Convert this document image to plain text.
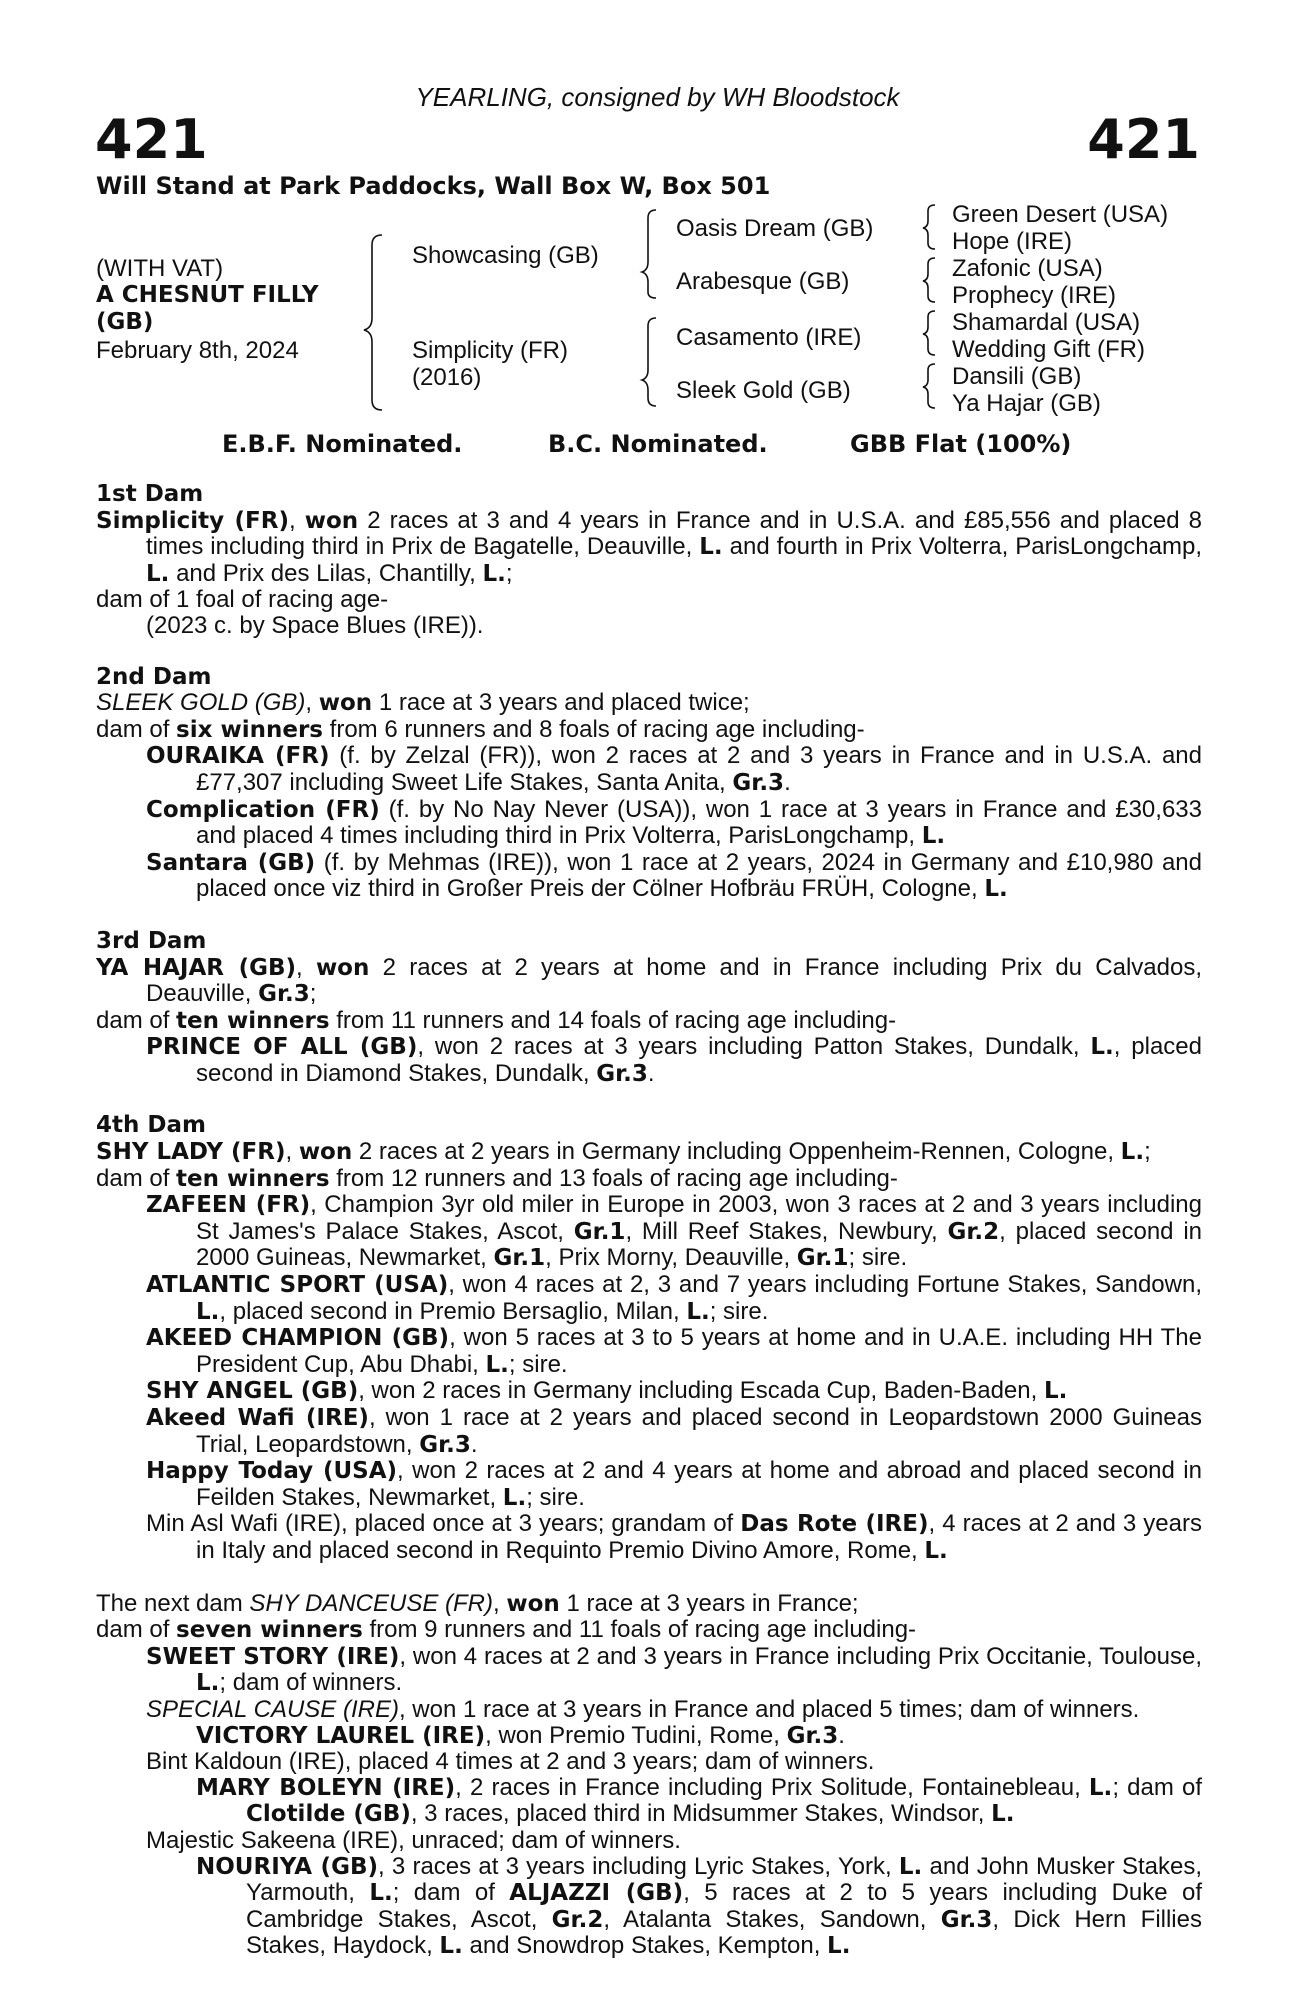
YEARLING, consigned by WH Bloodstock
421	421
Will Stand at Park Paddocks, Wall Box W, Box 501
(WITH VAT)
A CHESNUT FILLY
(GB)
February 8th, 2024
Showcasing (GB)
Simplicity (FR)
(2016)
Oasis Dream (GB)
Arabesque (GB)
Casamento (IRE)
Sleek Gold (GB)
Green Desert (USA)
Hope (IRE)
Zafonic (USA)
Prophecy (IRE)
Shamardal (USA)
Wedding Gift (FR)
Dansili (GB)
Ya Hajar (GB)
E.B.F. Nominated.	B.C. Nominated.	GBB Flat (100%)
1st Dam
Simplicity (FR), won 2 races at 3 and 4 years in France and in U.S.A. and £85,556 and placed 8 times including third in Prix de Bagatelle, Deauville, L. and fourth in Prix Volterra, ParisLongchamp, L. and Prix des Lilas, Chantilly, L.;
dam of 1 foal of racing age-
(2023 c. by Space Blues (IRE)).
2nd Dam
SLEEK GOLD (GB), won 1 race at 3 years and placed twice;
dam of six winners from 6 runners and 8 foals of racing age including-
OURAIKA (FR) (f. by Zelzal (FR)), won 2 races at 2 and 3 years in France and in U.S.A. and £77,307 including Sweet Life Stakes, Santa Anita, Gr.3.
Complication (FR) (f. by No Nay Never (USA)), won 1 race at 3 years in France and £30,633 and placed 4 times including third in Prix Volterra, ParisLongchamp, L.
Santara (GB) (f. by Mehmas (IRE)), won 1 race at 2 years, 2024 in Germany and £10,980 and placed once viz third in Großer Preis der Cölner Hofbräu FRÜH, Cologne, L.
3rd Dam
YA HAJAR (GB), won 2 races at 2 years at home and in France including Prix du Calvados, Deauville, Gr.3;
dam of ten winners from 11 runners and 14 foals of racing age including-
PRINCE OF ALL (GB), won 2 races at 3 years including Patton Stakes, Dundalk, L., placed second in Diamond Stakes, Dundalk, Gr.3.
4th Dam
SHY LADY (FR), won 2 races at 2 years in Germany including Oppenheim-Rennen, Cologne, L.;
dam of ten winners from 12 runners and 13 foals of racing age including-
ZAFEEN (FR), Champion 3yr old miler in Europe in 2003, won 3 races at 2 and 3 years including St James's Palace Stakes, Ascot, Gr.1, Mill Reef Stakes, Newbury, Gr.2, placed second in 2000 Guineas, Newmarket, Gr.1, Prix Morny, Deauville, Gr.1; sire.
ATLANTIC SPORT (USA), won 4 races at 2, 3 and 7 years including Fortune Stakes, Sandown, L., placed second in Premio Bersaglio, Milan, L.; sire.
AKEED CHAMPION (GB), won 5 races at 3 to 5 years at home and in U.A.E. including HH The President Cup, Abu Dhabi, L.; sire.
SHY ANGEL (GB), won 2 races in Germany including Escada Cup, Baden-Baden, L.
Akeed Wafi (IRE), won 1 race at 2 years and placed second in Leopardstown 2000 Guineas Trial, Leopardstown, Gr.3.
Happy Today (USA), won 2 races at 2 and 4 years at home and abroad and placed second in Feilden Stakes, Newmarket, L.; sire.
Min Asl Wafi (IRE), placed once at 3 years; grandam of Das Rote (IRE), 4 races at 2 and 3 years in Italy and placed second in Requinto Premio Divino Amore, Rome, L.
The next dam SHY DANCEUSE (FR), won 1 race at 3 years in France;
dam of seven winners from 9 runners and 11 foals of racing age including-
SWEET STORY (IRE), won 4 races at 2 and 3 years in France including Prix Occitanie, Toulouse, L.; dam of winners.
SPECIAL CAUSE (IRE), won 1 race at 3 years in France and placed 5 times; dam of winners.
VICTORY LAUREL (IRE), won Premio Tudini, Rome, Gr.3.
Bint Kaldoun (IRE), placed 4 times at 2 and 3 years; dam of winners.
MARY BOLEYN (IRE), 2 races in France including Prix Solitude, Fontainebleau, L.; dam of Clotilde (GB), 3 races, placed third in Midsummer Stakes, Windsor, L.
Majestic Sakeena (IRE), unraced; dam of winners.
NOURIYA (GB), 3 races at 3 years including Lyric Stakes, York, L. and John Musker Stakes, Yarmouth, L.; dam of ALJAZZI (GB), 5 races at 2 to 5 years including Duke of Cambridge Stakes, Ascot, Gr.2, Atalanta Stakes, Sandown, Gr.3, Dick Hern Fillies Stakes, Haydock, L. and Snowdrop Stakes, Kempton, L.
